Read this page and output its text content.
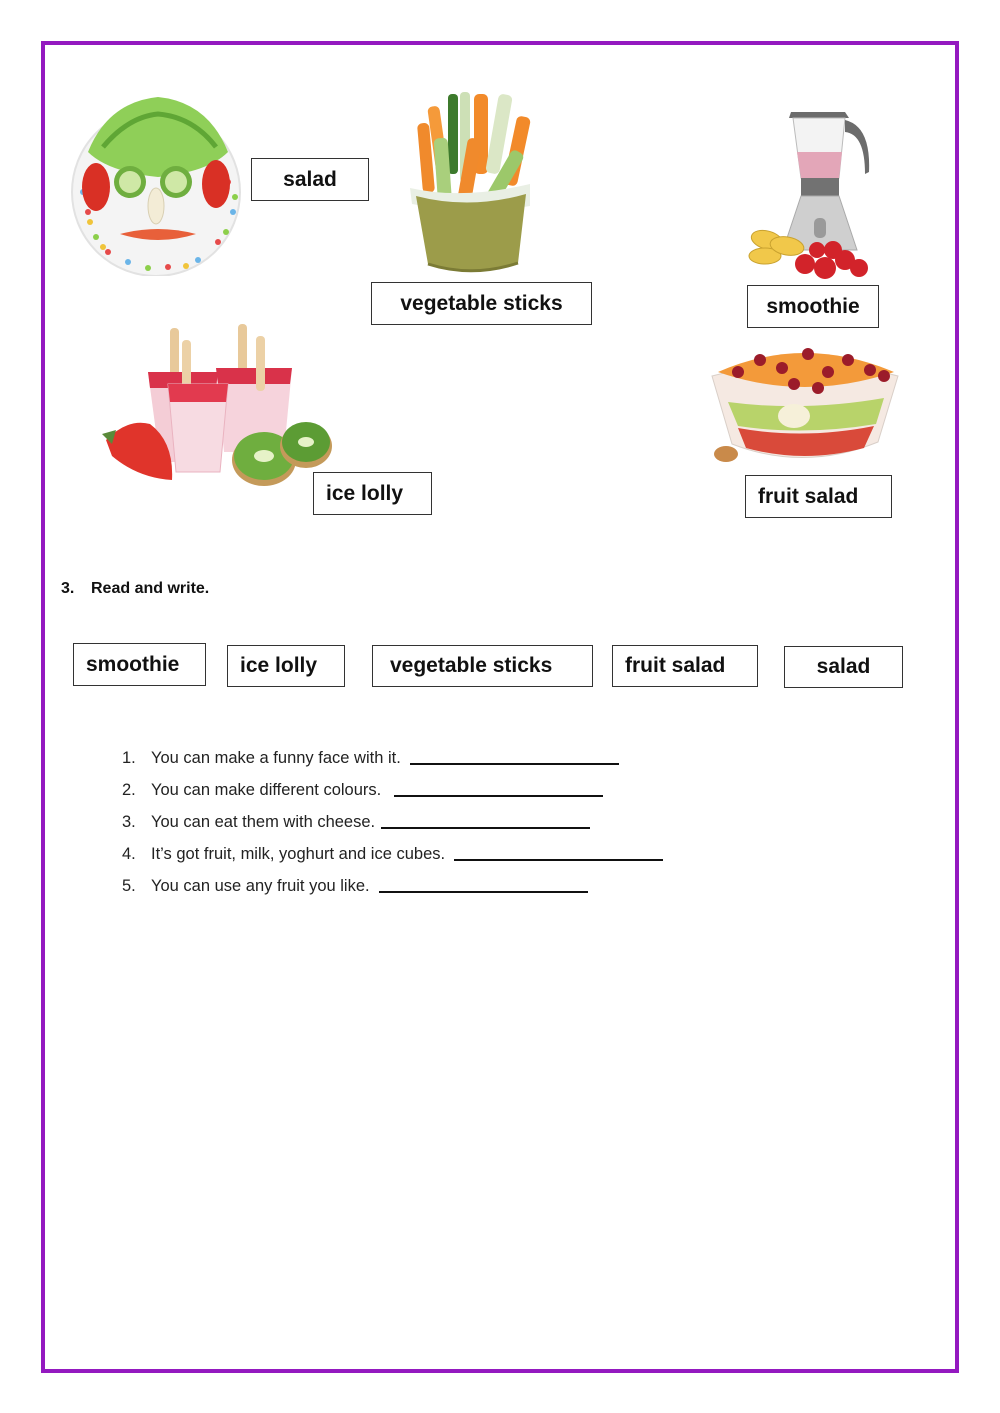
salad
vegetable sticks	smoothie
ice lolly	fruit salad
3. Read and write.
smoothie	ice lolly	vegetable sticks	fruit salad	salad
1. You can make a funny face with it.
2. You can make different colours.
3. You can eat them with cheese.
4. It’s got fruit, milk, yoghurt and ice cubes.
5. You can use any fruit you like.
